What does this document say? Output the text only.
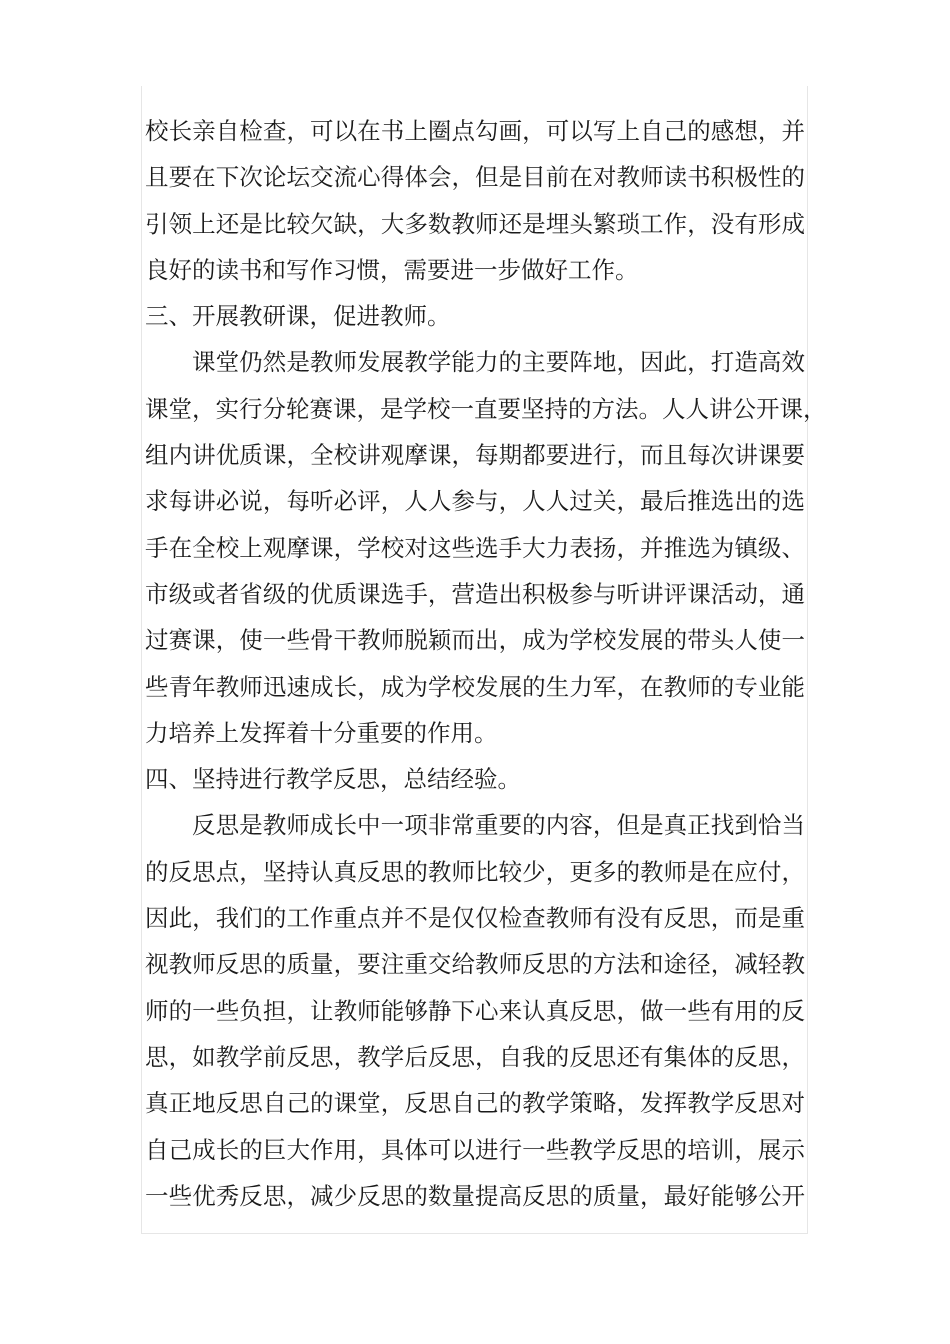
校长亲自检查，可以在书上圈点勾画，可以写上自己的感想，并
且要在下次论坛交流心得体会，但是目前在对教师读书积极性的
引领上还是比较欠缺，大多数教师还是埋头繁琐工作，没有形成
良好的读书和写作习惯，需要进一步做好工作。

三、开展教研课，促进教师。

课堂仍然是教师发展教学能力的主要阵地，因此，打造高效
课堂，实行分轮赛课，是学校一直要坚持的方法。人人讲公开课，
组内讲优质课，全校讲观摩课，每期都要进行，而且每次讲课要
求每讲必说，每听必评，人人参与，人人过关，最后推选出的选
手在全校上观摩课，学校对这些选手大力表扬，并推选为镇级、
市级或者省级的优质课选手，营造出积极参与听讲评课活动，通
过赛课，使一些骨干教师脱颖而出，成为学校发展的带头人使一
些青年教师迅速成长，成为学校发展的生力军，在教师的专业能
力培养上发挥着十分重要的作用。

四、坚持进行教学反思，总结经验。

反思是教师成长中一项非常重要的内容，但是真正找到恰当
的反思点，坚持认真反思的教师比较少，更多的教师是在应付，
因此，我们的工作重点并不是仅仅检查教师有没有反思，而是重
视教师反思的质量，要注重交给教师反思的方法和途径，减轻教
师的一些负担，让教师能够静下心来认真反思，做一些有用的反
思，如教学前反思，教学后反思，自我的反思还有集体的反思，
真正地反思自己的课堂，反思自己的教学策略，发挥教学反思对
自己成长的巨大作用，具体可以进行一些教学反思的培训，展示
一些优秀反思，减少反思的数量提高反思的质量，最好能够公开
